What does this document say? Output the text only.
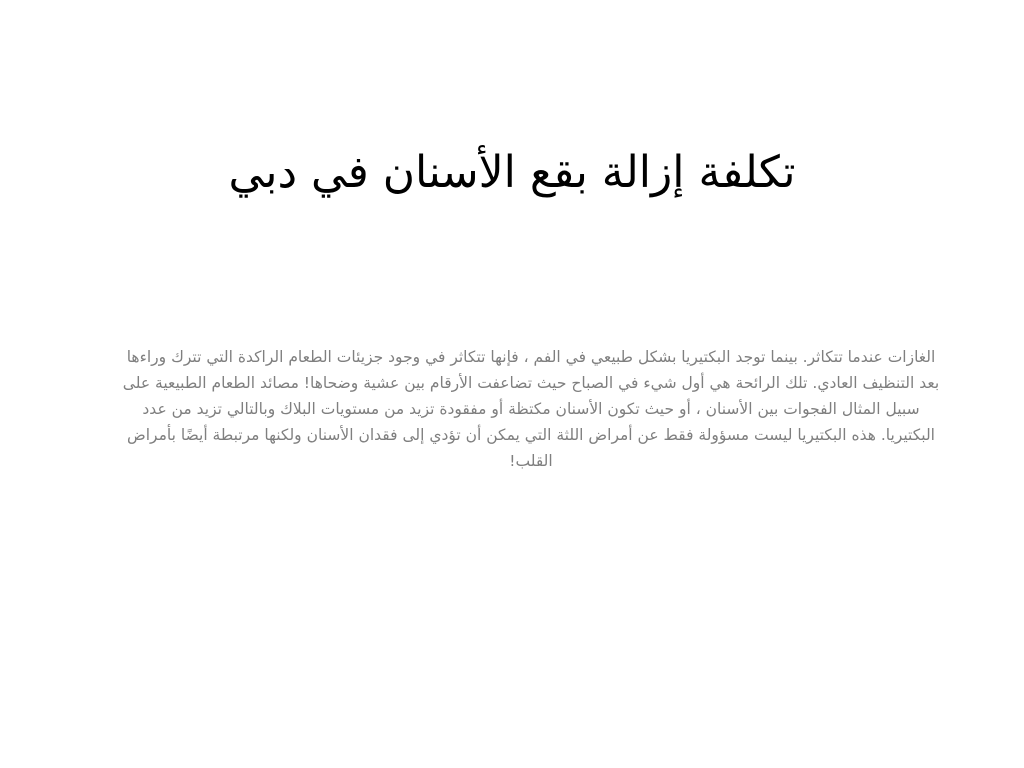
تكلفة إزالة بقع الأسنان في دبي
الغازات عندما تتكاثر. بينما توجد البكتيريا بشكل طبيعي في الفم ، فإنها تتكاثر في وجود جزيئات الطعام الراكدة التي تترك وراءها بعد التنظيف العادي. تلك الرائحة هي أول شيء في الصباح حيث تضاعفت الأرقام بين عشية وضحاها! مصائد الطعام الطبيعية على سبيل المثال الفجوات بين الأسنان ، أو حيث تكون الأسنان مكتظة أو مفقودة تزيد من مستويات البلاك وبالتالي تزيد من عدد البكتيريا. هذه البكتيريا ليست مسؤولة فقط عن أمراض اللثة التي يمكن أن تؤدي إلى فقدان الأسنان ولكنها مرتبطة أيضًا بأمراض القلب!
